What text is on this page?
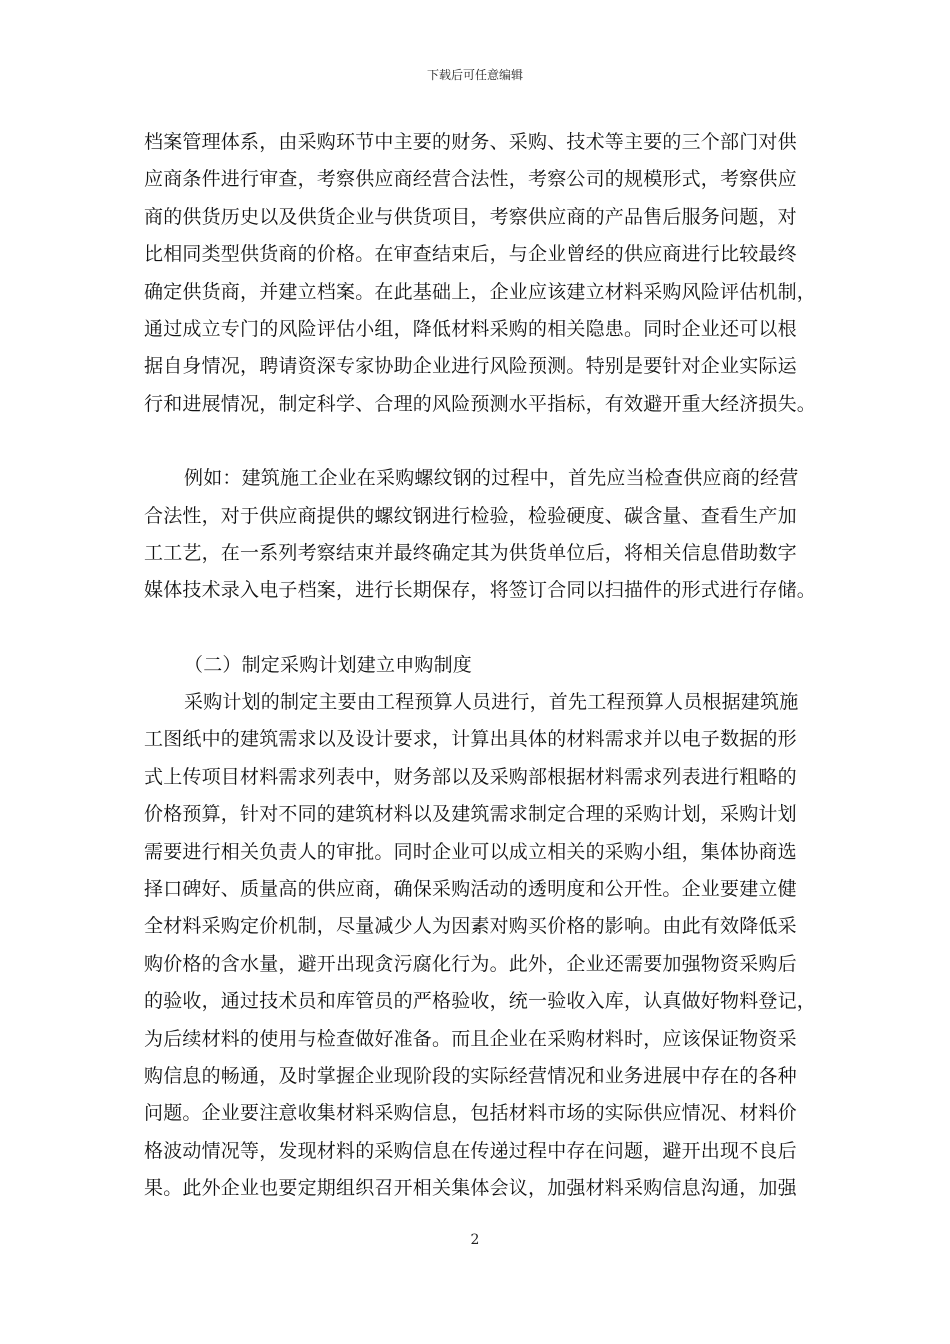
下载后可任意编辑
档案管理体系，由采购环节中主要的财务、采购、技术等主要的三个部门对供
应商条件进行审查，考察供应商经营合法性，考察公司的规模形式，考察供应
商的供货历史以及供货企业与供货项目，考察供应商的产品售后服务问题，对
比相同类型供货商的价格。在审查结束后，与企业曾经的供应商进行比较最终
确定供货商，并建立档案。在此基础上，企业应该建立材料采购风险评估机制，
通过成立专门的风险评估小组，降低材料采购的相关隐患。同时企业还可以根
据自身情况，聘请资深专家协助企业进行风险预测。特别是要针对企业实际运
行和进展情况，制定科学、合理的风险预测水平指标，有效避开重大经济损失。
例如：建筑施工企业在采购螺纹钢的过程中，首先应当检查供应商的经营
合法性，对于供应商提供的螺纹钢进行检验，检验硬度、碳含量、查看生产加
工工艺，在一系列考察结束并最终确定其为供货单位后，将相关信息借助数字
媒体技术录入电子档案，进行长期保存，将签订合同以扫描件的形式进行存储。
（二）制定采购计划建立申购制度
采购计划的制定主要由工程预算人员进行，首先工程预算人员根据建筑施
工图纸中的建筑需求以及设计要求，计算出具体的材料需求并以电子数据的形
式上传项目材料需求列表中，财务部以及采购部根据材料需求列表进行粗略的
价格预算，针对不同的建筑材料以及建筑需求制定合理的采购计划，采购计划
需要进行相关负责人的审批。同时企业可以成立相关的采购小组，集体协商选
择口碑好、质量高的供应商，确保采购活动的透明度和公开性。企业要建立健
全材料采购定价机制，尽量减少人为因素对购买价格的影响。由此有效降低采
购价格的含水量，避开出现贪污腐化行为。此外，企业还需要加强物资采购后
的验收，通过技术员和库管员的严格验收，统一验收入库，认真做好物料登记，
为后续材料的使用与检查做好准备。而且企业在采购材料时，应该保证物资采
购信息的畅通，及时掌握企业现阶段的实际经营情况和业务进展中存在的各种
问题。企业要注意收集材料采购信息，包括材料市场的实际供应情况、材料价
格波动情况等，发现材料的采购信息在传递过程中存在问题，避开出现不良后
果。此外企业也要定期组织召开相关集体会议，加强材料采购信息沟通，加强
2
